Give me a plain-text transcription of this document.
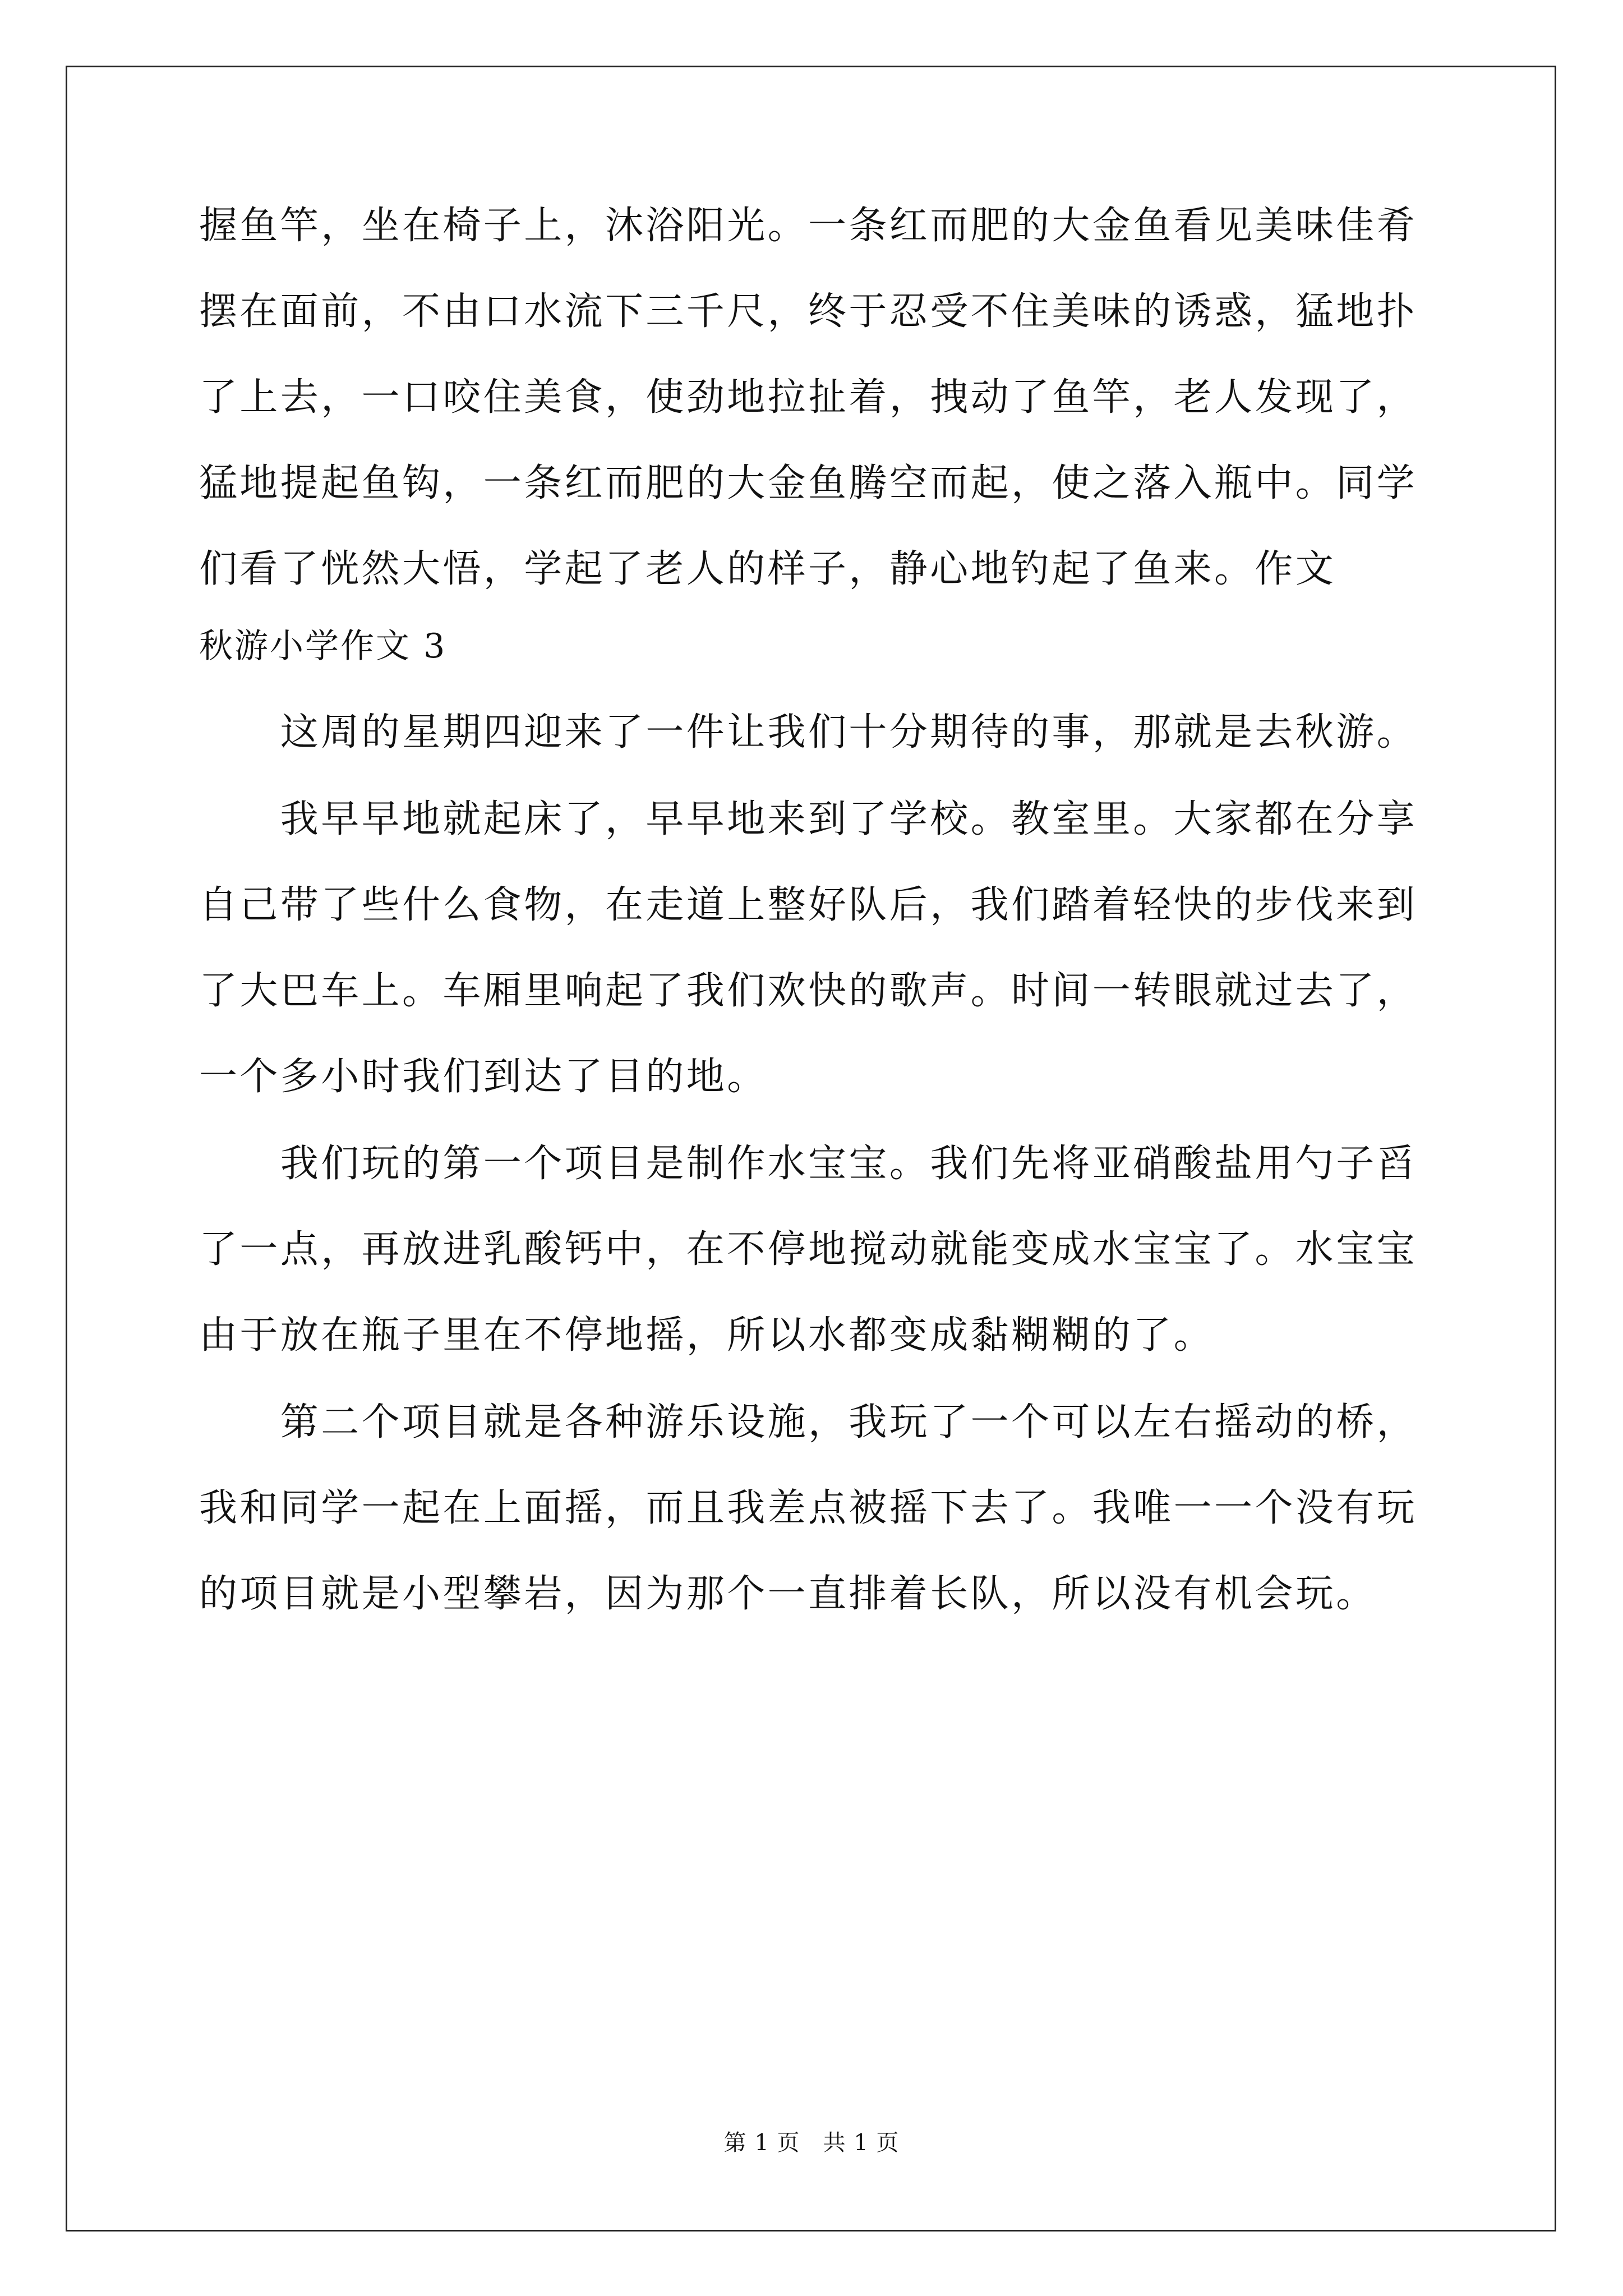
握鱼竿，坐在椅子上，沐浴阳光。一条红而肥的大金鱼看见美味佳肴
摆在面前，不由口水流下三千尺，终于忍受不住美味的诱惑，猛地扑
了上去，一口咬住美食，使劲地拉扯着，拽动了鱼竿，老人发现了，
猛地提起鱼钩，一条红而肥的大金鱼腾空而起，使之落入瓶中。同学
们看了恍然大悟，学起了老人的样子，静心地钓起了鱼来。作文
秋游小学作文 3
　　这周的星期四迎来了一件让我们十分期待的事，那就是去秋游。
　　我早早地就起床了，早早地来到了学校。教室里。大家都在分享
自己带了些什么食物，在走道上整好队后，我们踏着轻快的步伐来到
了大巴车上。车厢里响起了我们欢快的歌声。时间一转眼就过去了，
一个多小时我们到达了目的地。
　　我们玩的第一个项目是制作水宝宝。我们先将亚硝酸盐用勺子舀
了一点，再放进乳酸钙中，在不停地搅动就能变成水宝宝了。水宝宝
由于放在瓶子里在不停地摇，所以水都变成黏糊糊的了。
　　第二个项目就是各种游乐设施，我玩了一个可以左右摇动的桥，
我和同学一起在上面摇，而且我差点被摇下去了。我唯一一个没有玩
的项目就是小型攀岩，因为那个一直排着长队，所以没有机会玩。
第 1 页　共 1 页
